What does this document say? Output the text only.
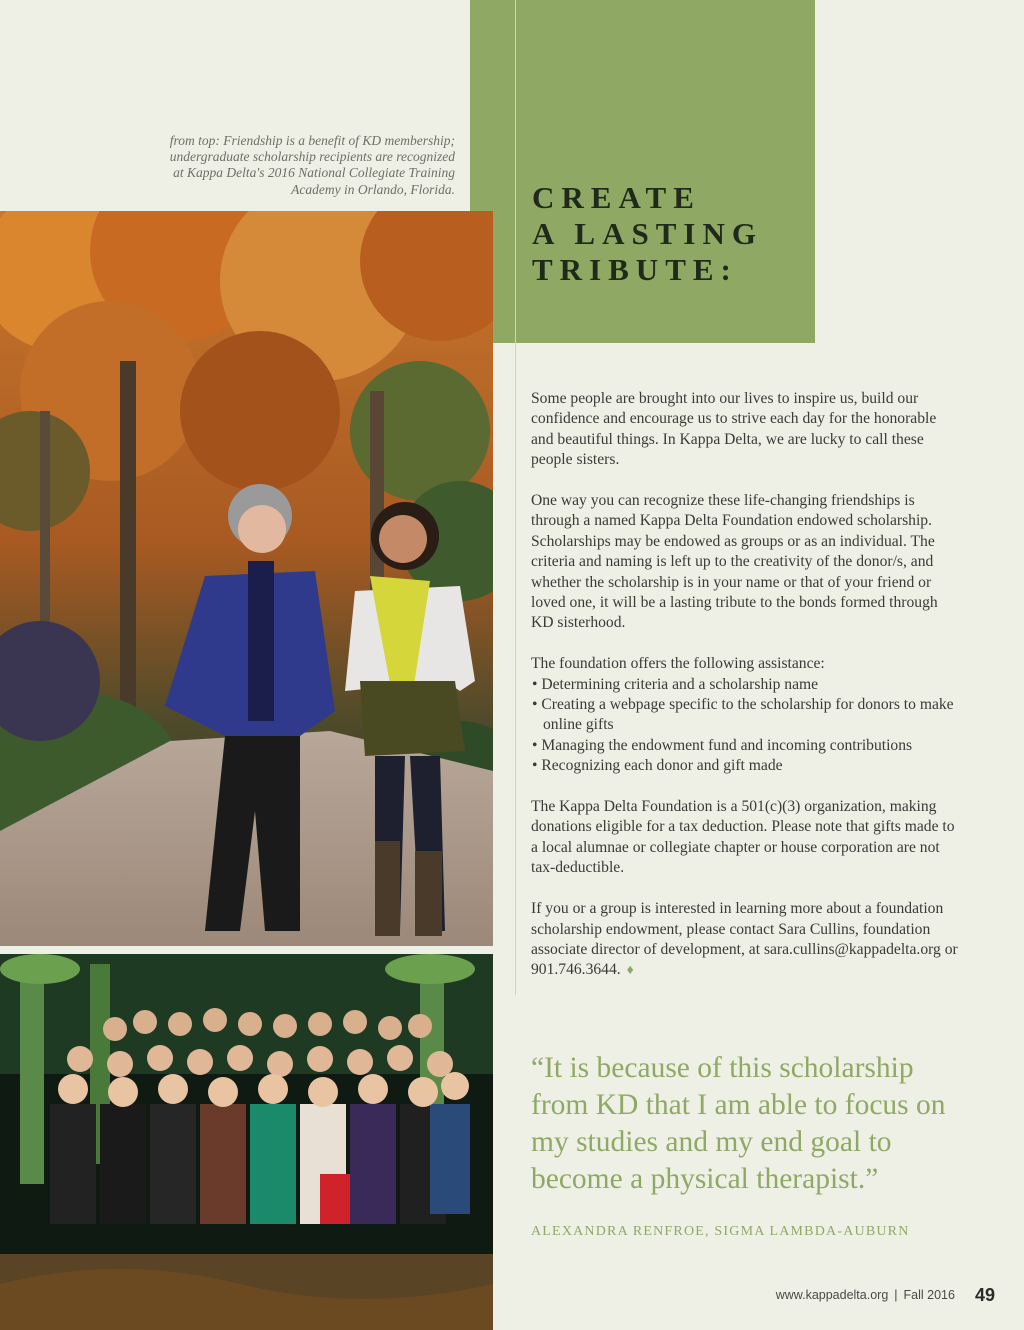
from top: Friendship is a benefit of KD membership;
undergraduate scholarship recipients are recognized
at Kappa Delta's 2016 National Collegiate Training
Academy in Orlando, Florida. CREATE
A LASTING
TRIBUTE:

Some people are brought into our lives to inspire us, build our confidence and encourage us to strive each day for the honorable and beautiful things. In Kappa Delta, we are lucky to call these people sisters.

One way you can recognize these life-changing friendships is through a named Kappa Delta Foundation endowed scholarship. Scholarships may be endowed as groups or as an individual. The criteria and naming is left up to the creativity of the donor/s, and whether the scholarship is in your name or that of your friend or loved one, it will be a lasting tribute to the bonds formed through KD sisterhood.

The foundation offers the following assistance:
• Determining criteria and a scholarship name
• Creating a webpage specific to the scholarship for donors to make online gifts
• Managing the endowment fund and incoming contributions
• Recognizing each donor and gift made

The Kappa Delta Foundation is a 501(c)(3) organization, making donations eligible for a tax deduction. Please note that gifts made to a local alumnae or collegiate chapter or house corporation are not tax-deductible.

If you or a group is interested in learning more about a foundation scholarship endowment, please contact Sara Cullins, foundation associate director of development, at sara.cullins@kappadelta.org or 901.746.3644. ♦

“It is because of this scholarship from KD that I am able to focus on my studies and my end goal to become a physical therapist.”
ALEXANDRA RENFROE, SIGMA LAMBDA-AUBURN
www.kappadelta.org | Fall 2016 49
